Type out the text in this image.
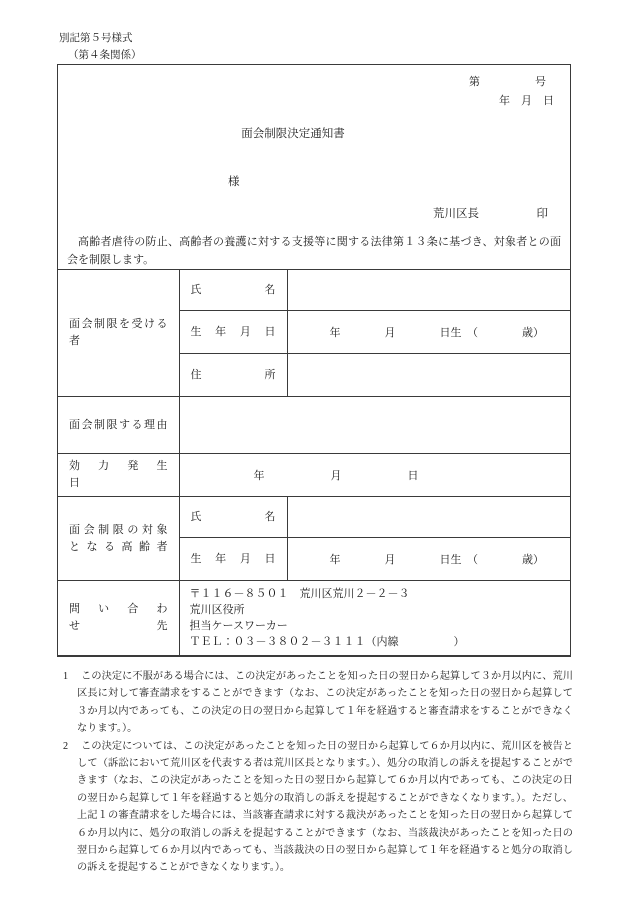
別記第５号様式
（第４条関係）
第　　　　　号
年　月　日
面会制限決定通知書
様
荒川区長　　　　　印
高齢者虐待の防止、高齢者の養護に対する支援等に関する法律第１３条に基づき、対象者との面会を制限します。
面会制限を受ける者	氏　　　　名	

	生　年　月　日	年　　　　月　　　　日生　（　　　　歳）

	住　　　　所	

面会制限する理由		

効　力　発　生　日	年　　　　　　月　　　　　　日	

面 会 制 限 の 対 象
と な る 高 齢 者	氏　　　　名	

	生　年　月　日	年　　　　月　　　　日生　（　　　　歳）

問　い　合　わ　せ　先	〒１１６－８５０１　荒川区荒川２－２－３
荒川区役所
担当ケースワーカー
ＴＥＬ：０３－３８０２－３１１１（内線　　　　　）	
1	この決定に不服がある場合には、この決定があったことを知った日の翌日から起算して３か月以内に、荒川区長に対して審査請求をすることができます（なお、この決定があったことを知った日の翌日から起算して３か月以内であっても、この決定の日の翌日から起算して１年を経過すると審査請求をすることができなくなります。）。
2	この決定については、この決定があったことを知った日の翌日から起算して６か月以内に、荒川区を被告として（訴訟において荒川区を代表する者は荒川区長となります。）、処分の取消しの訴えを提起することができます（なお、この決定があったことを知った日の翌日から起算して６か月以内であっても、この決定の日の翌日から起算して１年を経過すると処分の取消しの訴えを提起することができなくなります。）。ただし、上記１の審査請求をした場合には、当該審査請求に対する裁決があったことを知った日の翌日から起算して６か月以内に、処分の取消しの訴えを提起することができます（なお、当該裁決があったことを知った日の翌日から起算して６か月以内であっても、当該裁決の日の翌日から起算して１年を経過すると処分の取消しの訴えを提起することができなくなります。）。
